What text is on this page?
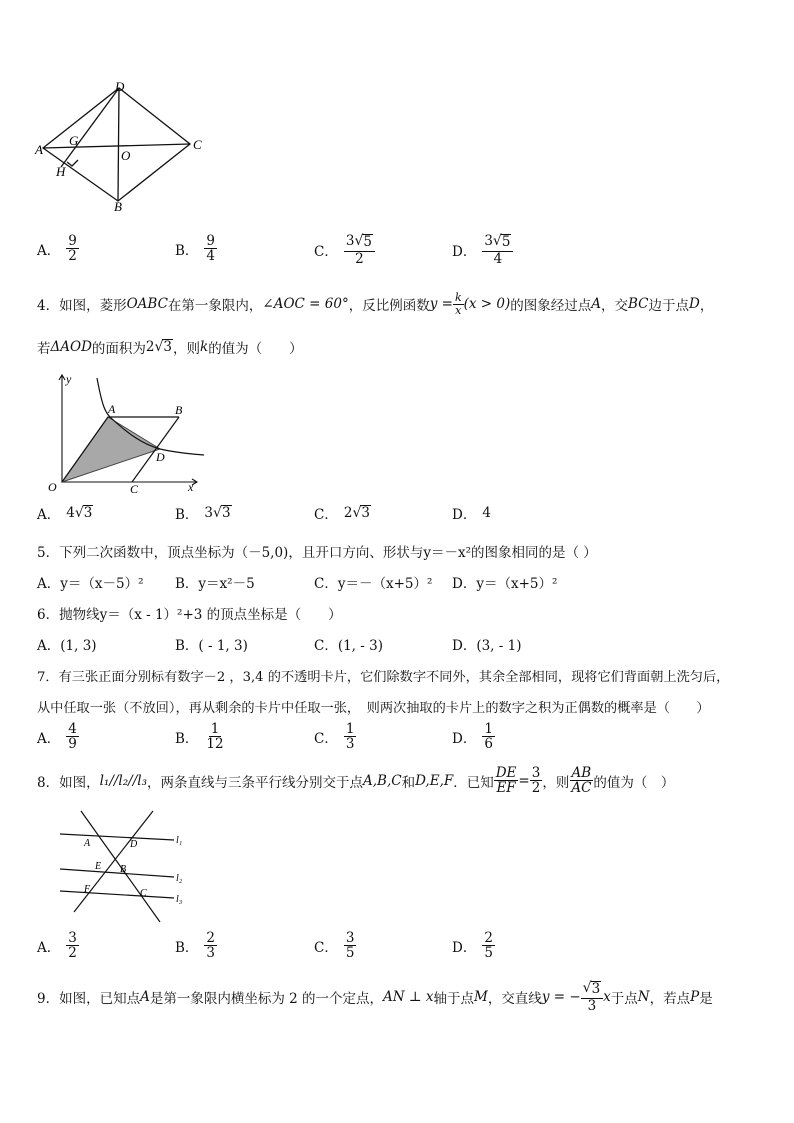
D
A
G
O
C
H
B
A． $\frac{9}{2}$	B． $\frac{9}{4}$	C． $\frac{3 √ 5}{2}$	D． $\frac{3 √ 5}{4}$
4．如图，菱形 OABC 在第一象限内， ∠AOC = 60° ，反比例函数 $y = \frac{k}{x} (x > 0)$ 的图象经过点 A ，交 BC 边于点 D ，
若 ΔAOD 的面积为 2 √ 3 ，则 k 的值为（　　）
y
A	B
D
O	C	x
A． 4 √ 3	B． 3 √ 3	C． 2 √ 3	D． 4
5．下列二次函数中，顶点坐标为（－5,0)，且开口方向、形状与y＝－x²的图象相同的是（ ）
A．y＝（x－5）² B．y＝x²－5	C．y＝－（x+5）² D．y＝（x+5）²
6．抛物线y＝（x - 1）²+3 的顶点坐标是（　　）
A．(1, 3)	B．( - 1, 3)	C．(1, - 3)	D．(3, - 1)
7．有三张正面分别标有数字－2 ，3,4 的不透明卡片，它们除数字不同外，其余全部相同，现将它们背面朝上洗匀后，
从中任取一张（不放回），再从剩余的卡片中任取一张，　则两次抽取的卡片上的数字之积为正偶数的概率是（　　）
A． $\frac{4}{9}$	B． $\frac{1}{12}$	C． $\frac{1}{3}$	D． $\frac{1}{6}$
8．如图， l₁//l₂//l₃ ，两条直线与三条平行线分别交于点 A,B,C 和 D,E,F ．已知 $\frac{DE}{EF} = \frac{3}{2}$ ，则 $\frac{AB}{AC}$ 的值为（　）
A	D
E B
F	C
l₁
l₂
l₃
A． $\frac{3}{2}$	B． $\frac{2}{3}$	C． $\frac{3}{5}$	D． $\frac{2}{5}$
9．如图，已知点 A 是第一象限内横坐标为 2 的一个定点， AN ⊥ x 轴于点 M ，交直线 y = − $\frac{√ 3}{3}$ x 于点 N ，若点 P 是
